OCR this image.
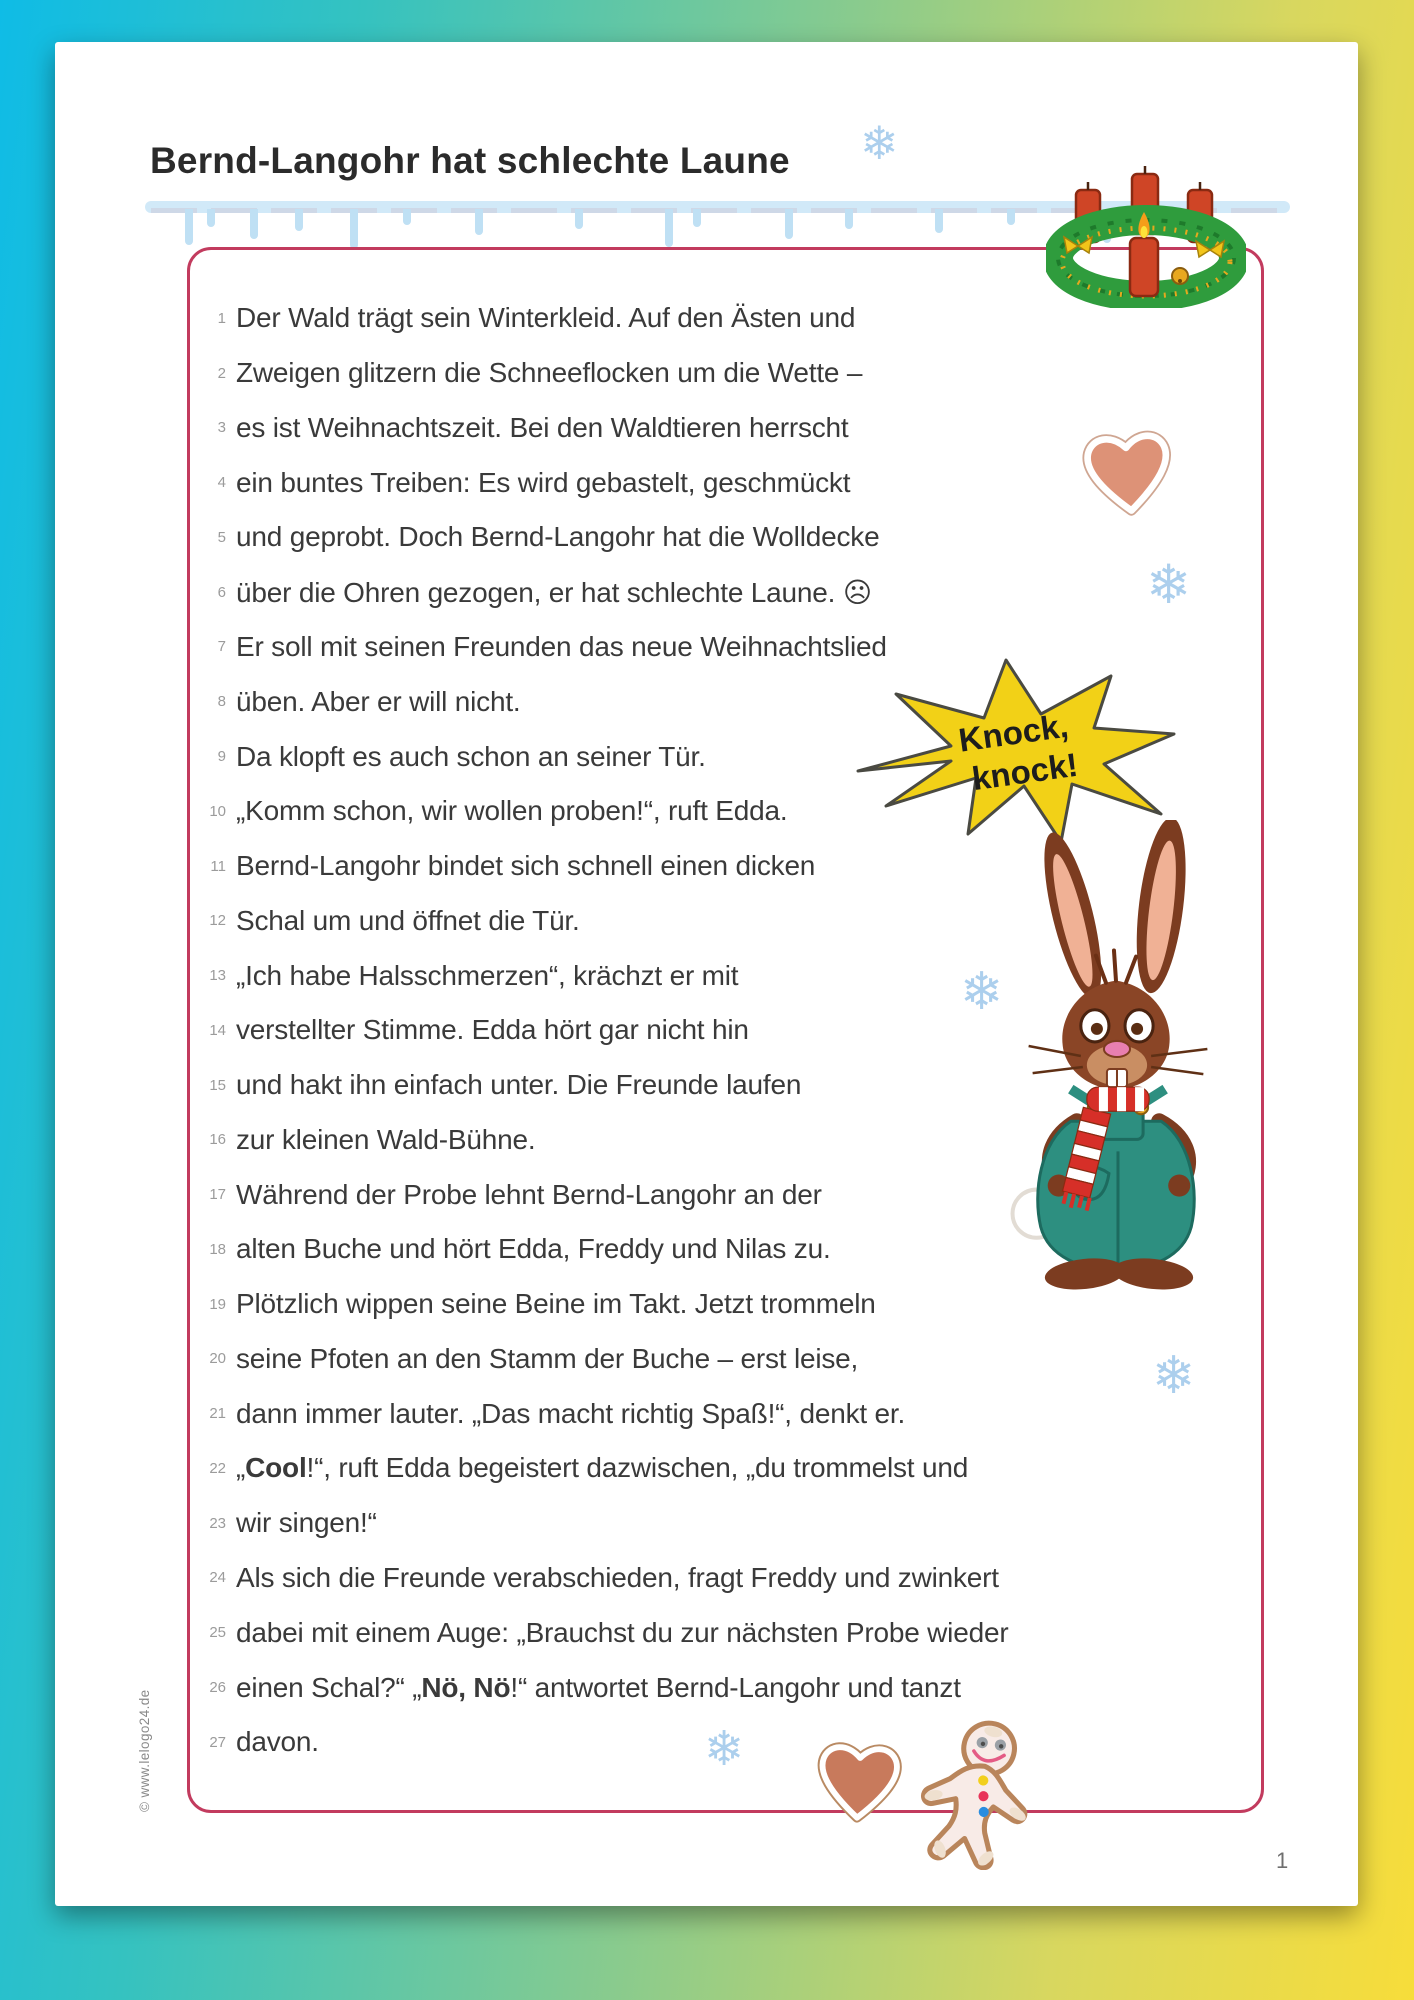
Bernd-Langohr hat schlechte Laune ❄
❄
❄
❄
❄
1 Der Wald trägt sein Winterkleid. Auf den Ästen und
2 Zweigen glitzern die Schneeflocken um die Wette –
3 es ist Weihnachtszeit. Bei den Waldtieren herrscht
4 ein buntes Treiben: Es wird gebastelt, geschmückt
5 und geprobt. Doch Bernd-Langohr hat die Wolldecke
6 über die Ohren gezogen, er hat schlechte Laune. ☹
7 Er soll mit seinen Freunden das neue Weihnachtslied
8 üben. Aber er will nicht.
9 Da klopft es auch schon an seiner Tür.
10 „Komm schon, wir wollen proben!“, ruft Edda.
11 Bernd-Langohr bindet sich schnell einen dicken
12 Schal um und öffnet die Tür.
13 „Ich habe Halsschmerzen“, krächzt er mit
14 verstellter Stimme. Edda hört gar nicht hin
15 und hakt ihn einfach unter. Die Freunde laufen
16 zur kleinen Wald-Bühne.
17 Während der Probe lehnt Bernd-Langohr an der
18 alten Buche und hört Edda, Freddy und Nilas zu.
19 Plötzlich wippen seine Beine im Takt. Jetzt trommeln
20 seine Pfoten an den Stamm der Buche – erst leise,
21 dann immer lauter. „Das macht richtig Spaß!“, denkt er.
22 „Cool!“, ruft Edda begeistert dazwischen, „du trommelst und
23 wir singen!“
24 Als sich die Freunde verabschieden, fragt Freddy und zwinkert
25 dabei mit einem Auge: „Brauchst du zur nächsten Probe wieder
26 einen Schal?“ „Nö, Nö!“ antwortet Bernd-Langohr und tanzt
27 davon.
Knock,
knock!
© www.lelogo24.de
1
